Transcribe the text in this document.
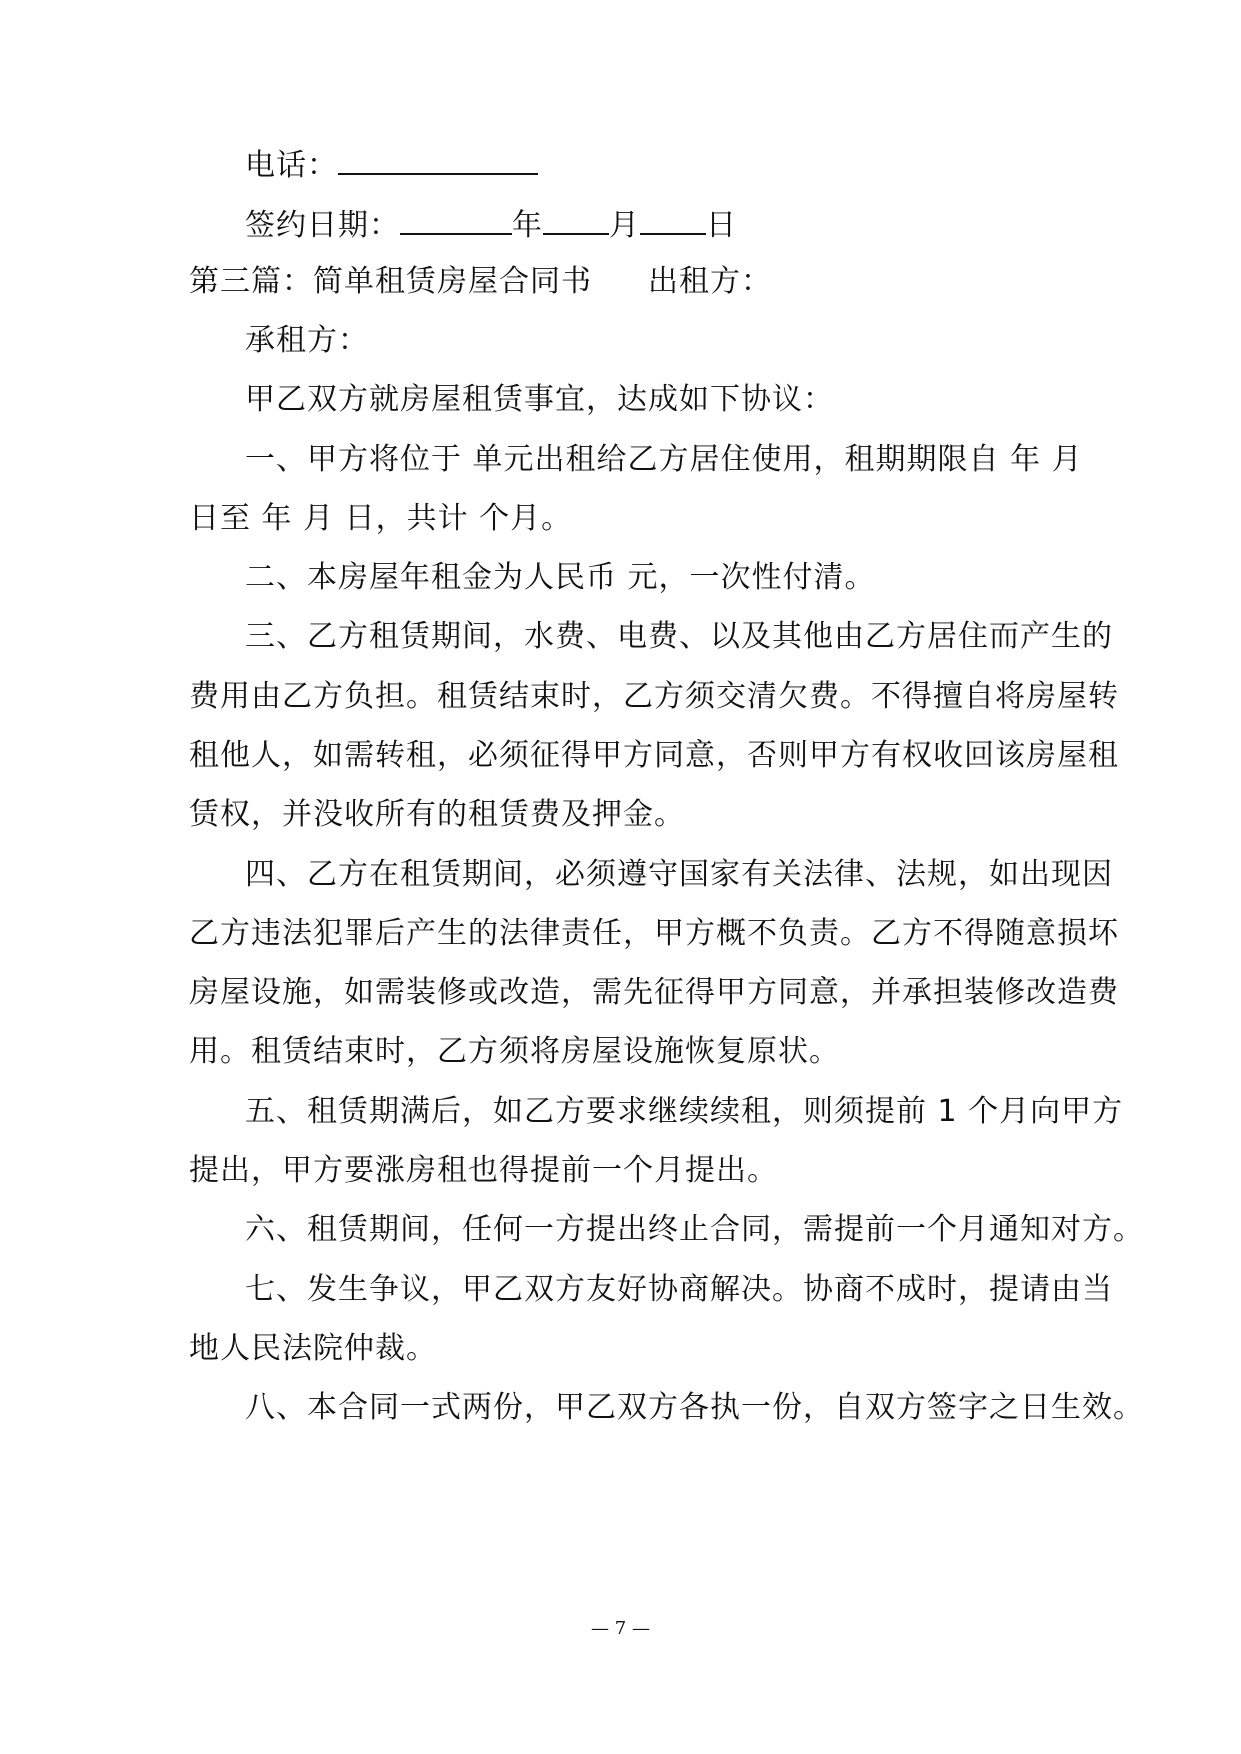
电话：
签约日期：	年 月 日
第三篇：简单租赁房屋合同书 出租方：
承租方：
甲乙双方就房屋租赁事宜，达成如下协议：
一、甲方将位于 单元出租给乙方居住使用，租期期限自 年 月
日至 年 月 日，共计 个月。
二、本房屋年租金为人民币 元，一次性付清。
三、乙方租赁期间，水费、电费、以及其他由乙方居住而产生的
费用由乙方负担。租赁结束时，乙方须交清欠费。不得擅自将房屋转
租他人，如需转租，必须征得甲方同意，否则甲方有权收回该房屋租
赁权，并没收所有的租赁费及押金。
四、乙方在租赁期间，必须遵守国家有关法律、法规，如出现因
乙方违法犯罪后产生的法律责任，甲方概不负责。乙方不得随意损坏
房屋设施，如需装修或改造，需先征得甲方同意，并承担装修改造费
用。租赁结束时，乙方须将房屋设施恢复原状。
五、租赁期满后，如乙方要求继续续租，则须提前 1 个月向甲方
提出，甲方要涨房租也得提前一个月提出。
六、租赁期间，任何一方提出终止合同，需提前一个月通知对方。
七、发生争议，甲乙双方友好协商解决。协商不成时，提请由当
地人民法院仲裁。
八、本合同一式两份，甲乙双方各执一份，自双方签字之日生效。
— 7 —
